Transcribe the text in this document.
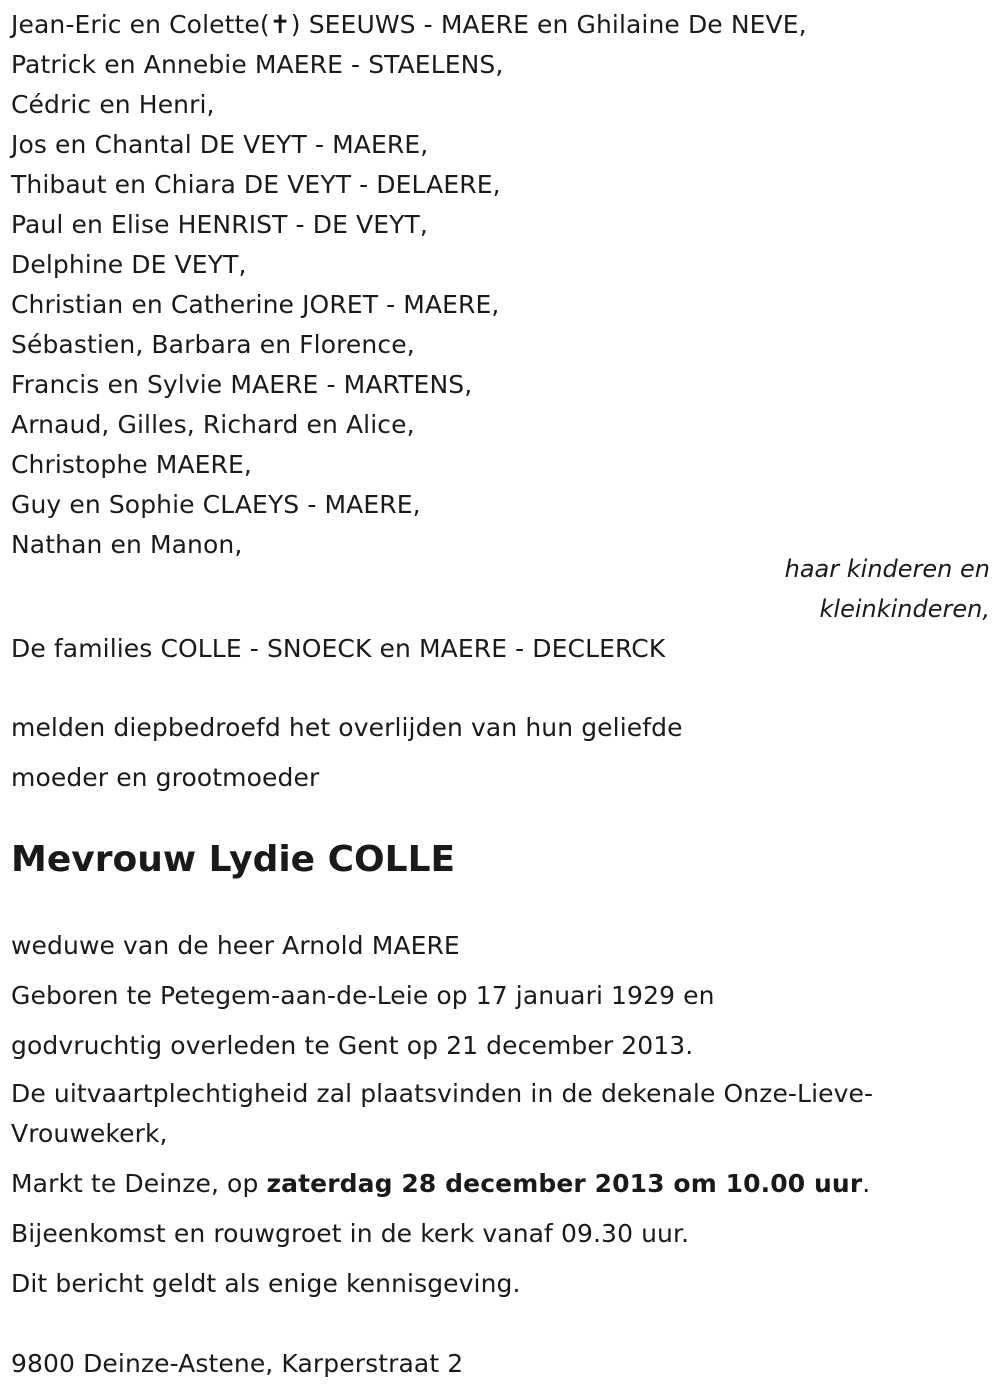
Jean-Eric en Colette(✝) SEEUWS - MAERE en Ghilaine De NEVE,
Patrick en Annebie MAERE - STAELENS,
Cédric en Henri,
Jos en Chantal DE VEYT - MAERE,
Thibaut en Chiara DE VEYT - DELAERE,
Paul en Elise HENRIST - DE VEYT,
Delphine DE VEYT,
Christian en Catherine JORET - MAERE,
Sébastien, Barbara en Florence,
Francis en Sylvie MAERE - MARTENS,
Arnaud, Gilles, Richard en Alice,
Christophe MAERE,
Guy en Sophie CLAEYS - MAERE,
Nathan en Manon,
haar kinderen en
kleinkinderen,
De families COLLE - SNOECK en MAERE - DECLERCK
melden diepbedroefd het overlijden van hun geliefde
moeder en grootmoeder
Mevrouw Lydie COLLE
weduwe van de heer Arnold MAERE
Geboren te Petegem-aan-de-Leie op 17 januari 1929 en
godvruchtig overleden te Gent op 21 december 2013.
De uitvaartplechtigheid zal plaatsvinden in de dekenale Onze-Lieve-Vrouwekerk,
Markt te Deinze, op zaterdag 28 december 2013 om 10.00 uur.
Bijeenkomst en rouwgroet in de kerk vanaf 09.30 uur.
Dit bericht geldt als enige kennisgeving.
9800 Deinze-Astene, Karperstraat 2
